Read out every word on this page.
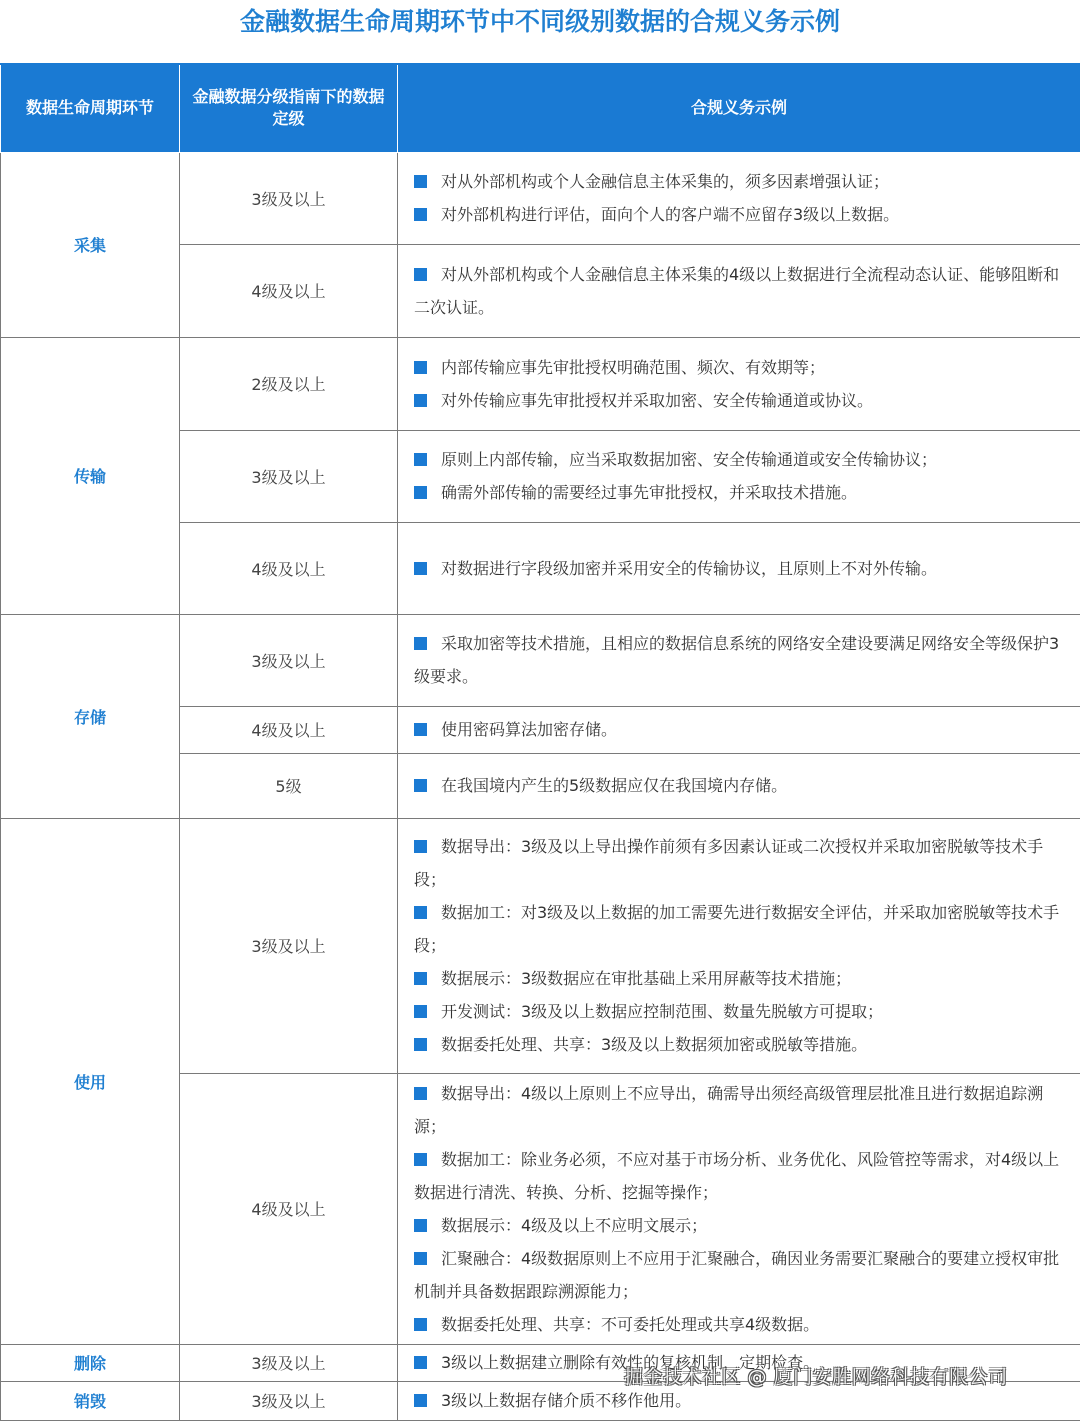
金融数据生命周期环节中不同级别数据的合规义务示例
数据生命周期环节	金融数据分级指南下的数据定级	合规义务示例
采集	3级及以上	对从外部机构或个人金融信息主体采集的，须多因素增强认证；
对外部机构进行评估，面向个人的客户端不应留存3级以上数据。

	4级及以上	对从外部机构或个人金融信息主体采集的4级以上数据进行全流程动态认证、能够阻断和二次认证。

传输	2级及以上	内部传输应事先审批授权明确范围、频次、有效期等；
对外传输应事先审批授权并采取加密、安全传输通道或协议。

	3级及以上	原则上内部传输，应当采取数据加密、安全传输通道或安全传输协议；
确需外部传输的需要经过事先审批授权，并采取技术措施。

	4级及以上	对数据进行字段级加密并采用安全的传输协议，且原则上不对外传输。

存储	3级及以上	采取加密等技术措施，且相应的数据信息系统的网络安全建设要满足网络安全等级保护3级要求。

	4级及以上	使用密码算法加密存储。

	5级	在我国境内产生的5级数据应仅在我国境内存储。

使用	3级及以上	数据导出：3级及以上导出操作前须有多因素认证或二次授权并采取加密脱敏等技术手段；
数据加工：对3级及以上数据的加工需要先进行数据安全评估，并采取加密脱敏等技术手段；
数据展示：3级数据应在审批基础上采用屏蔽等技术措施；
开发测试：3级及以上数据应控制范围、数量先脱敏方可提取；
数据委托处理、共享：3级及以上数据须加密或脱敏等措施。

	4级及以上	数据导出：4级以上原则上不应导出，确需导出须经高级管理层批准且进行数据追踪溯源；
数据加工：除业务必须，不应对基于市场分析、业务优化、风险管控等需求，对4级以上数据进行清洗、转换、分析、挖掘等操作；
数据展示：4级及以上不应明文展示；
汇聚融合：4级数据原则上不应用于汇聚融合，确因业务需要汇聚融合的要建立授权审批机制并具备数据跟踪溯源能力；
数据委托处理、共享：不可委托处理或共享4级数据。

删除	3级及以上	3级以上数据建立删除有效性的复核机制，定期检查。

销毁	3级及以上	3级以上数据存储介质不移作他用。
掘金技术社区 @ 厦门安胜网络科技有限公司
